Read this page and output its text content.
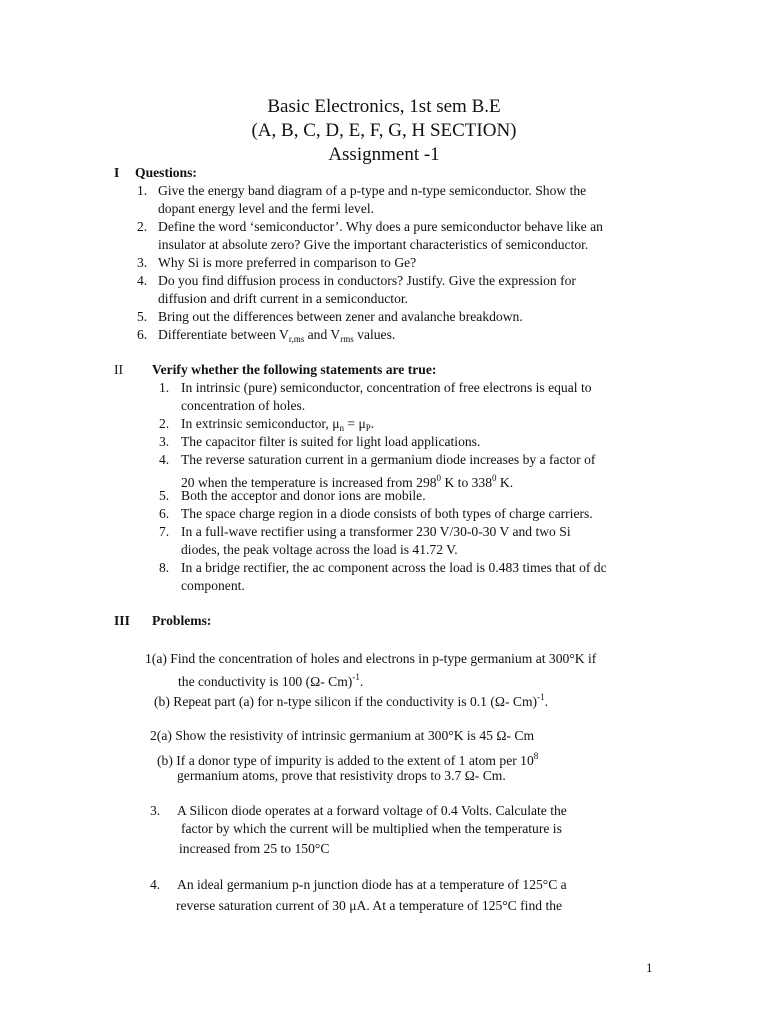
Basic Electronics, 1st sem B.E
(A, B, C, D, E, F, G, H SECTION)
Assignment -1
I Questions:
1. Give the energy band diagram of a p-type and n-type semiconductor. Show the
dopant energy level and the fermi level.
2. Define the word ‘semiconductor’. Why does a pure semiconductor behave like an
insulator at absolute zero? Give the important characteristics of semiconductor.
3. Why Si is more preferred in comparison to Ge?
4. Do you find diffusion process in conductors? Justify. Give the expression for
diffusion and drift current in a semiconductor.
5. Bring out the differences between zener and avalanche breakdown.
6. Differentiate between $V_{r,ms}$ and $V_{rms}$ values.
II Verify whether the following statements are true:
1. In intrinsic (pure) semiconductor, concentration of free electrons is equal to
concentration of holes.
2. In extrinsic semiconductor, $\mu_n = \mu_P$.
3. The capacitor filter is suited for light load applications.
4. The reverse saturation current in a germanium diode increases by a factor of
20 when the temperature is increased from $298^0$ K to $338^0$ K.
5. Both the acceptor and donor ions are mobile.
6. The space charge region in a diode consists of both types of charge carriers.
7. In a full-wave rectifier using a transformer 230 V/30-0-30 V and two Si
diodes, the peak voltage across the load is 41.72 V.
8. In a bridge rectifier, the ac component across the load is 0.483 times that of dc
component.
III Problems:
1(a) Find the concentration of holes and electrons in p-type germanium at 300°K if
the conductivity is 100 (Ω- Cm)$^{-1}$.
(b) Repeat part (a) for n-type silicon if the conductivity is 0.1 (Ω- Cm)$^{-1}$.
2(a) Show the resistivity of intrinsic germanium at 300°K is 45 Ω- Cm
(b) If a donor type of impurity is added to the extent of 1 atom per $10^8$
germanium atoms, prove that resistivity drops to 3.7 Ω- Cm.
3. A Silicon diode operates at a forward voltage of 0.4 Volts. Calculate the
factor by which the current will be multiplied when the temperature is
increased from 25 to 150°C
4. An ideal germanium p-n junction diode has at a temperature of 125°C a
reverse saturation current of 30 μA. At a temperature of 125°C find the
1
